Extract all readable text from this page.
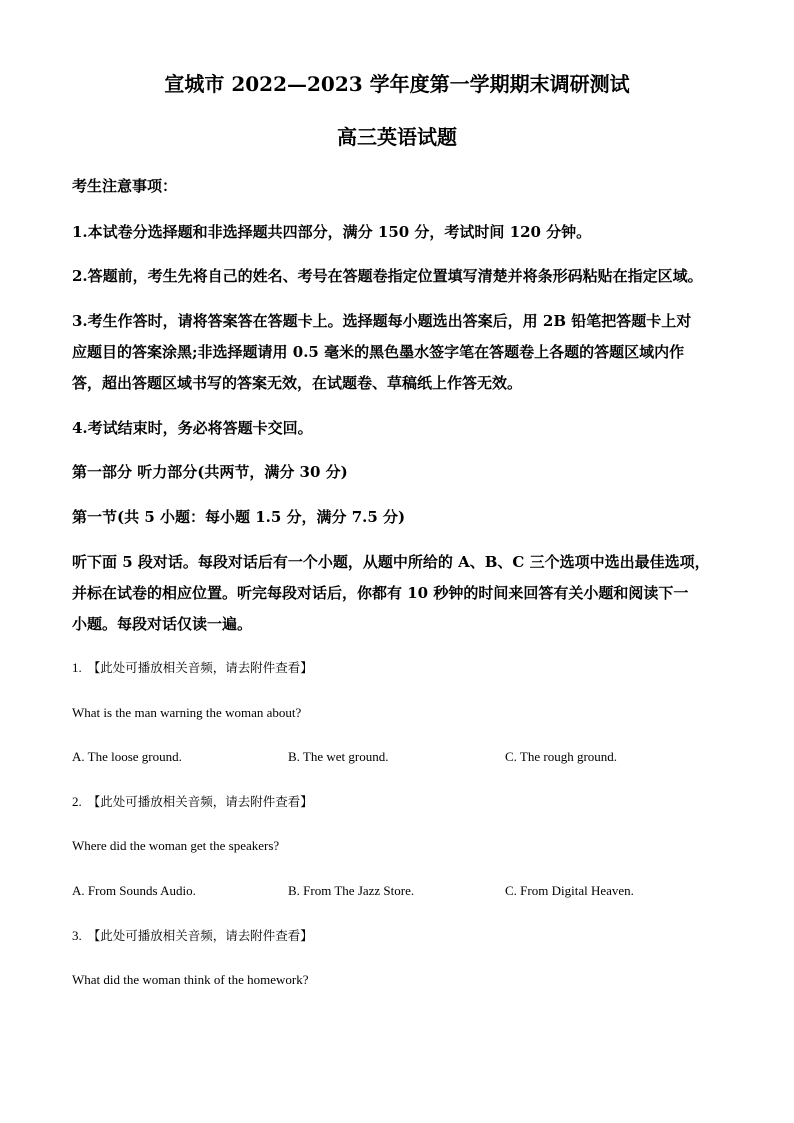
宣城市 2022—2023 学年度第一学期期末调研测试
高三英语试题

考生注意事项：

1.本试卷分选择题和非选择题共四部分，满分 150 分，考试时间 120 分钟。

2.答题前，考生先将自己的姓名、考号在答题卷指定位置填写清楚并将条形码粘贴在指定区域。

3.考生作答时，请将答案答在答题卡上。选择题每小题选出答案后，用 2B 铅笔把答题卡上对

应题目的答案涂黑;非选择题请用 0.5 毫米的黑色墨水签字笔在答题卷上各题的答题区域内作

答，超出答题区域书写的答案无效，在试题卷、草稿纸上作答无效。

4.考试结束时，务必将答题卡交回。

第一部分 听力部分(共两节，满分 30 分)

第一节(共 5 小题：每小题 1.5 分，满分 7.5 分)

听下面 5 段对话。每段对话后有一个小题，从题中所给的 A、B、C 三个选项中选出最佳选项，

并标在试卷的相应位置。听完每段对话后，你都有 10 秒钟的时间来回答有关小题和阅读下一

小题。每段对话仅读一遍。

1. 【此处可播放相关音频，请去附件查看】

What is the man warning the woman about?

A. The loose ground.	B. The wet ground.	C. The rough ground.

2. 【此处可播放相关音频，请去附件查看】

Where did the woman get the speakers?

A. From Sounds Audio.	B. From The Jazz Store.	C. From Digital Heaven.

3. 【此处可播放相关音频，请去附件查看】

What did the woman think of the homework?
